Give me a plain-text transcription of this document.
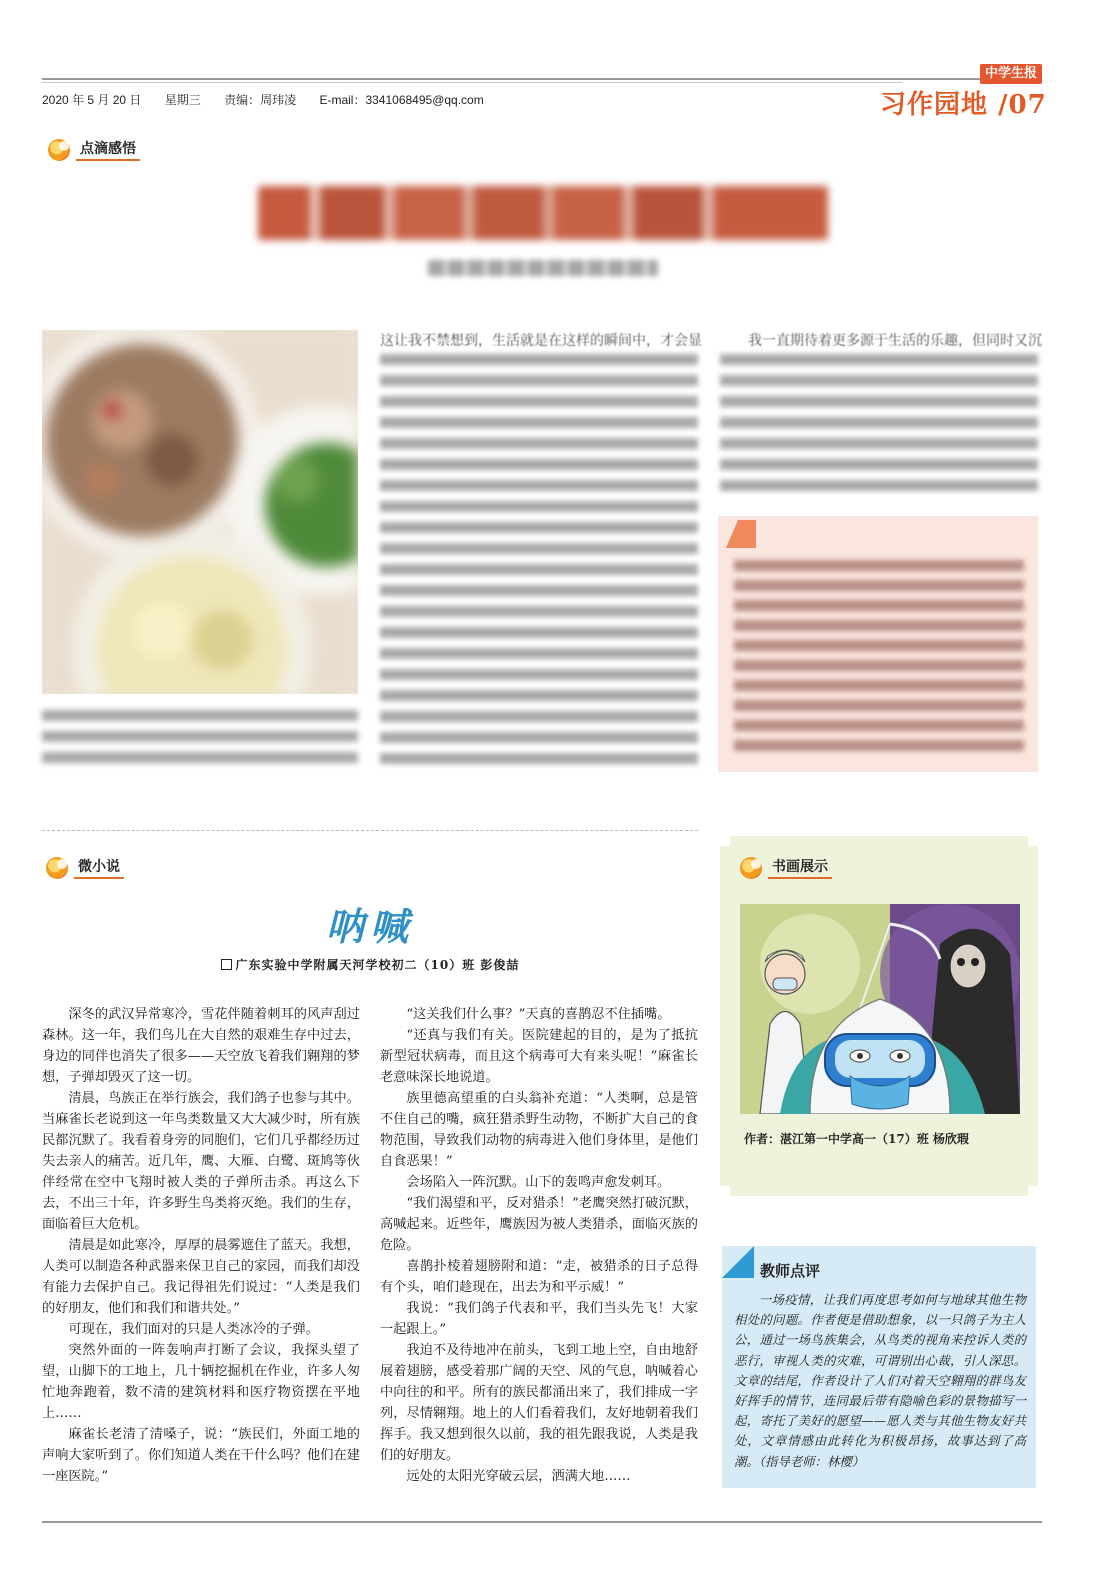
2020 年 5 月 20 日 星期三 责编：周玮凌 E-mail：3341068495@qq.com
中学生报
习作园地 /07
点滴感悟
这让我不禁想到，生活就是在这样的瞬间中，才会显	我一直期待着更多源于生活的乐趣，但同时又沉
微小说
呐喊
广东实验中学附属天河学校初二（10）班 彭俊喆

深冬的武汉异常寒冷，雪花伴随着刺耳的风声刮过森林。这一年，我们鸟儿在大自然的艰难生存中过去，身边的同伴也消失了很多——天空放飞着我们翱翔的梦想，子弹却毁灭了这一切。

清晨，鸟族正在举行族会，我们鸽子也参与其中。当麻雀长老说到这一年鸟类数量又大大减少时，所有族民都沉默了。我看着身旁的同胞们，它们几乎都经历过失去亲人的痛苦。近几年，鹰、大雁、白鹭、斑鸠等伙伴经常在空中飞翔时被人类的子弹所击杀。再这么下去，不出三十年，许多野生鸟类将灭绝。我们的生存，面临着巨大危机。

清晨是如此寒冷，厚厚的晨雾遮住了蓝天。我想，人类可以制造各种武器来保卫自己的家园，而我们却没有能力去保护自己。我记得祖先们说过：“人类是我们的好朋友，他们和我们和谐共处。”

可现在，我们面对的只是人类冰冷的子弹。

突然外面的一阵轰响声打断了会议，我探头望了望，山脚下的工地上，几十辆挖掘机在作业，许多人匆忙地奔跑着，数不清的建筑材料和医疗物资摆在平地上……

麻雀长老清了清嗓子，说：“族民们，外面工地的声响大家听到了。你们知道人类在干什么吗？他们在建一座医院。”

“这关我们什么事？”天真的喜鹊忍不住插嘴。

“还真与我们有关。医院建起的目的，是为了抵抗新型冠状病毒，而且这个病毒可大有来头呢！”麻雀长老意味深长地说道。

族里德高望重的白头翁补充道：“人类啊，总是管不住自己的嘴，疯狂猎杀野生动物，不断扩大自己的食物范围，导致我们动物的病毒进入他们身体里，是他们自食恶果！”

会场陷入一阵沉默。山下的轰鸣声愈发刺耳。

“我们渴望和平，反对猎杀！”老鹰突然打破沉默，高喊起来。近些年，鹰族因为被人类猎杀，面临灭族的危险。

喜鹊扑棱着翅膀附和道：“走，被猎杀的日子总得有个头，咱们趁现在，出去为和平示威！”

我说：“我们鸽子代表和平，我们当头先飞！大家一起跟上。”

我迫不及待地冲在前头，飞到工地上空，自由地舒展着翅膀，感受着那广阔的天空、风的气息，呐喊着心中向往的和平。所有的族民都涌出来了，我们排成一字列，尽情翱翔。地上的人们看着我们，友好地朝着我们挥手。我又想到很久以前，我的祖先跟我说，人类是我们的好朋友。

远处的太阳光穿破云层，洒满大地……

书画展示
作者：湛江第一中学高一（17）班 杨欣瑕
教师点评

一场疫情，让我们再度思考如何与地球其他生物相处的问题。作者便是借助想象，以一只鸽子为主人公，通过一场鸟族集会，从鸟类的视角来控诉人类的恶行，审视人类的灾难，可谓别出心裁，引人深思。文章的结尾，作者设计了人们对着天空翱翔的群鸟友好挥手的情节，连同最后带有隐喻色彩的景物描写一起，寄托了美好的愿望——愿人类与其他生物友好共处，文章情感由此转化为积极昂扬，故事达到了高潮。（指导老师：林樱）
